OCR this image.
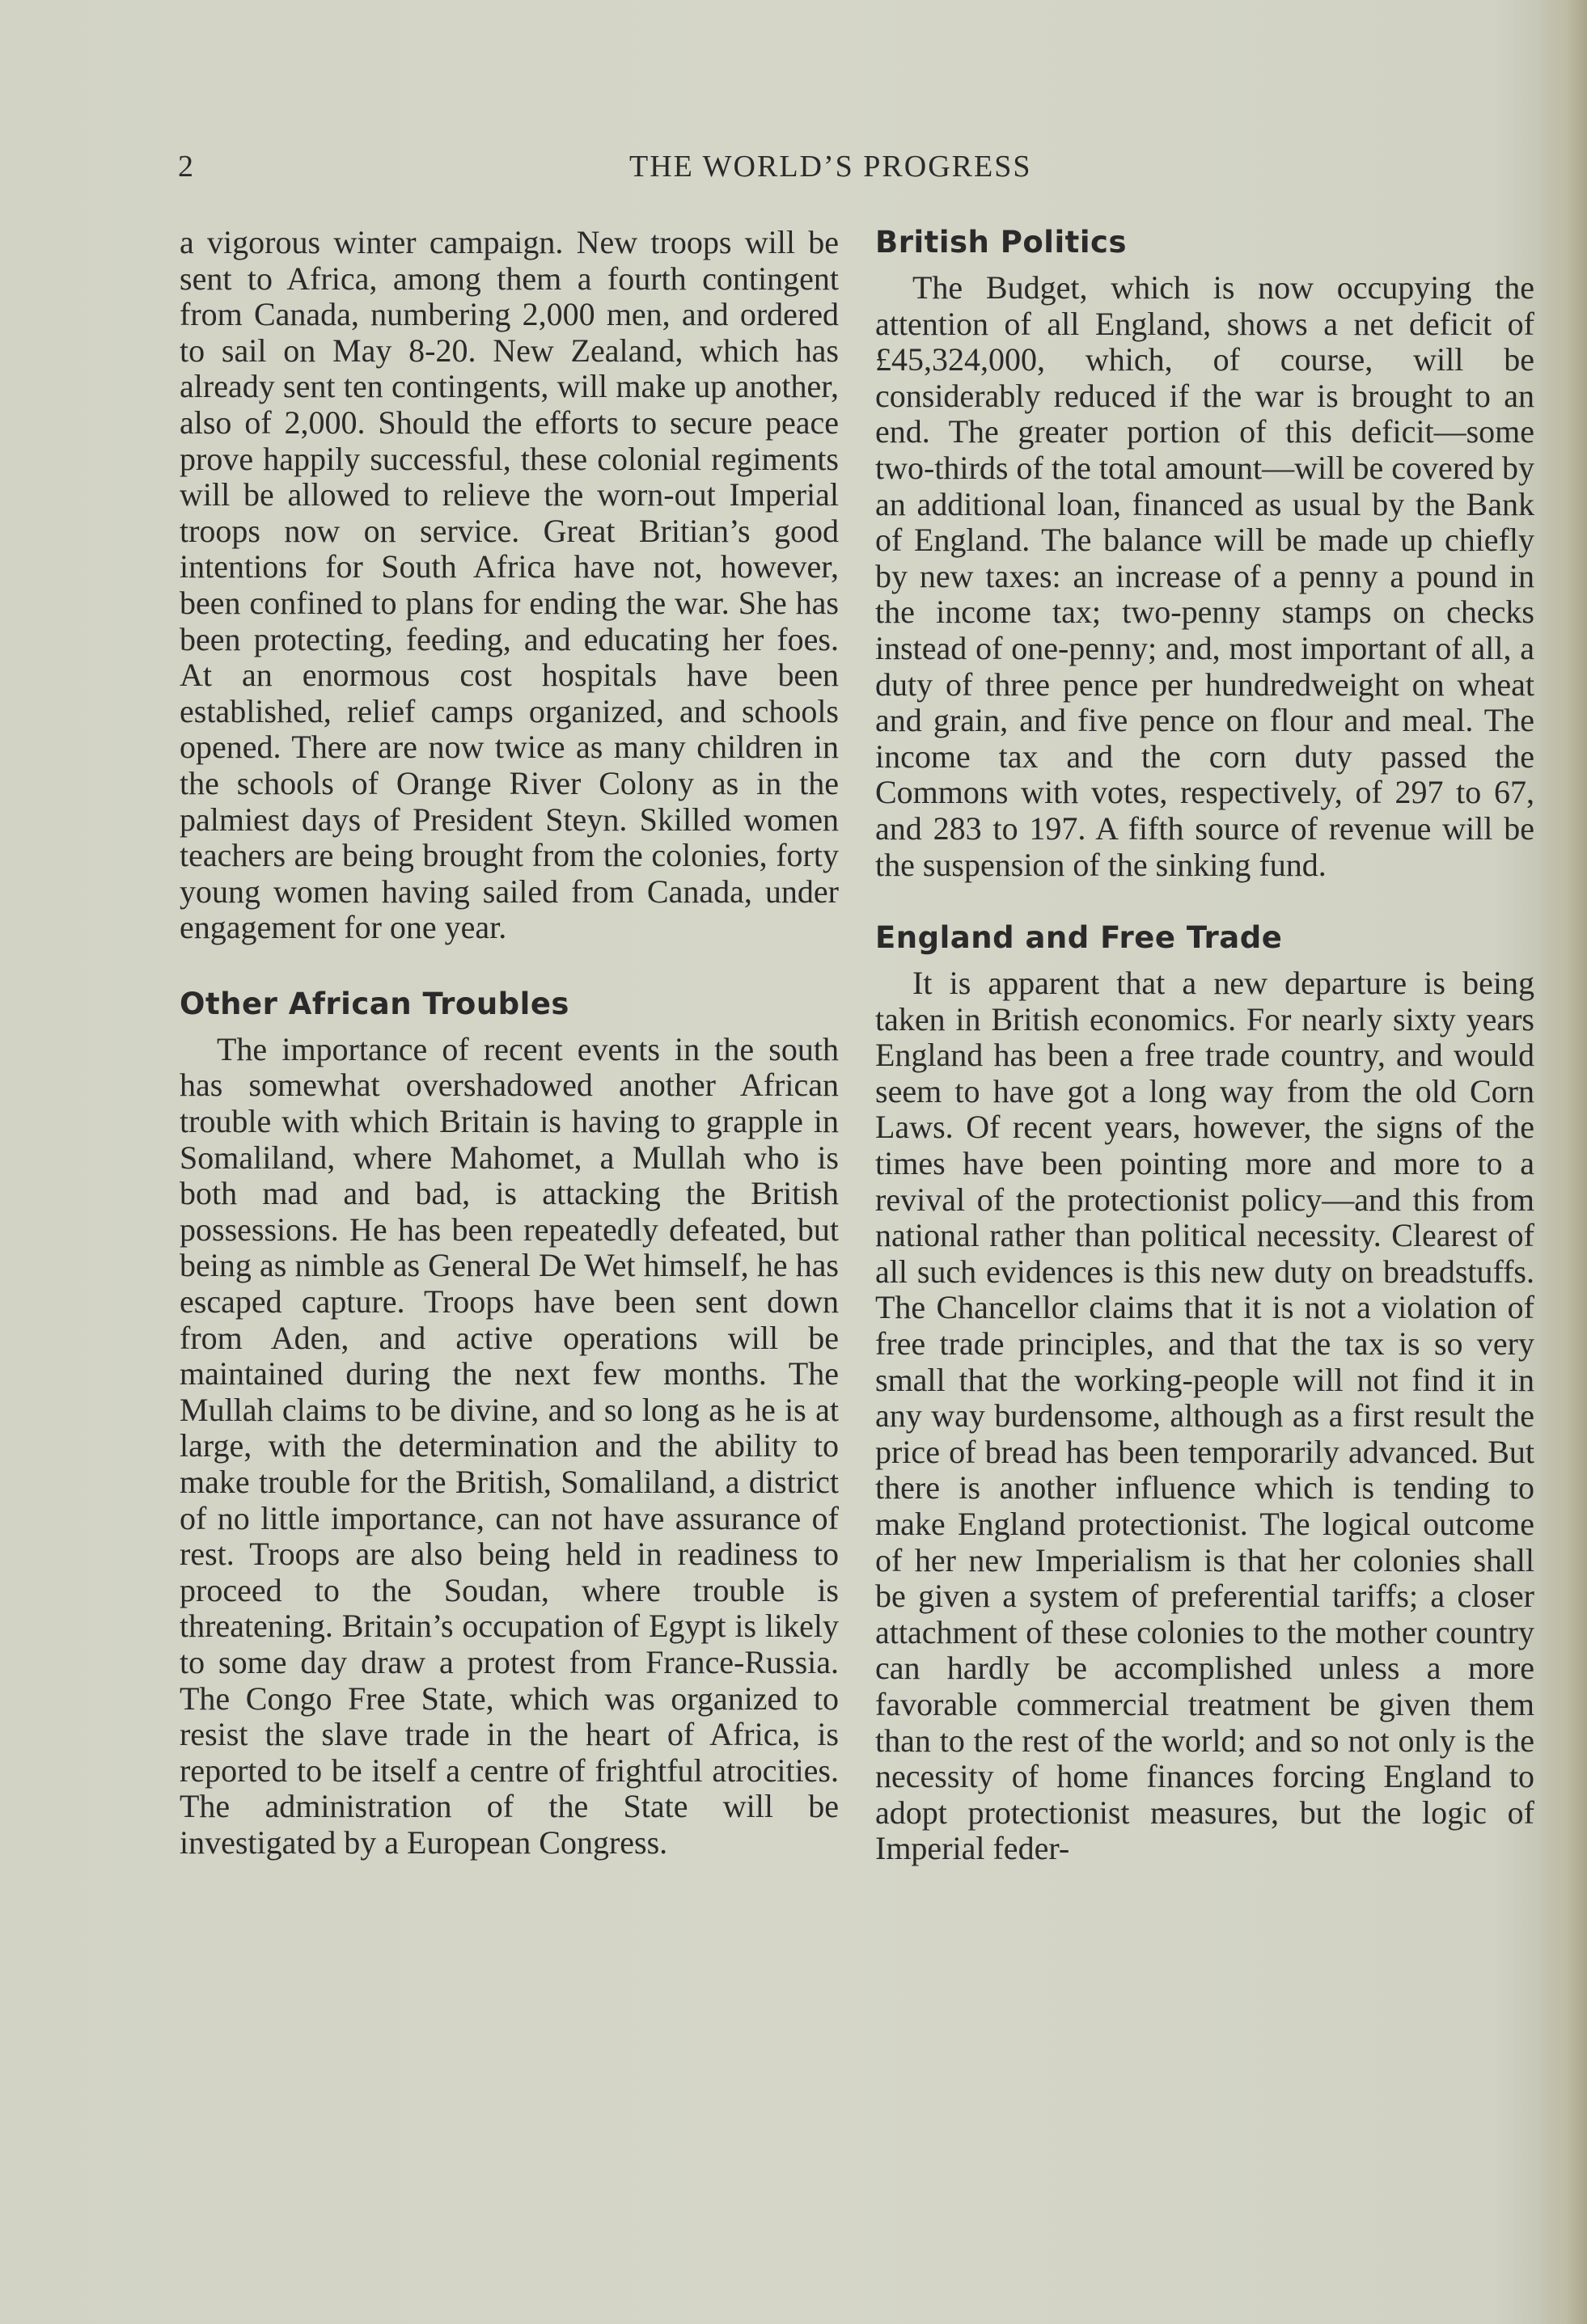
2	THE WORLD’S PROGRESS

a vigorous winter campaign. New troops will be sent to Africa, among them a fourth contingent from Canada, numbering 2,000 men, and ordered to sail on May 8-20. New Zealand, which has already sent ten contingents, will make up another, also of 2,000. Should the efforts to secure peace prove happily successful, these colonial regiments will be allowed to relieve the worn-out Imperial troops now on service. Great Britian’s good intentions for South Africa have not, however, been confined to plans for ending the war. She has been protecting, feeding, and educating her foes. At an enormous cost hospitals have been established, relief camps organized, and schools opened. There are now twice as many children in the schools of Orange River Colony as in the palmiest days of President Steyn. Skilled women teachers are being brought from the colonies, forty young women having sailed from Canada, under engagement for one year.

Other African Troubles

The importance of recent events in the south has somewhat overshadowed another African trouble with which Britain is having to grapple in Somaliland, where Mahomet, a Mullah who is both mad and bad, is attacking the British possessions. He has been repeatedly defeated, but being as nimble as General De Wet himself, he has escaped capture. Troops have been sent down from Aden, and active operations will be maintained during the next few months. The Mullah claims to be divine, and so long as he is at large, with the determination and the ability to make trouble for the British, Somaliland, a district of no little importance, can not have assurance of rest. Troops are also being held in readiness to proceed to the Soudan, where trouble is threatening. Britain’s occupation of Egypt is likely to some day draw a protest from France-Russia. The Congo Free State, which was organized to resist the slave trade in the heart of Africa, is reported to be itself a centre of frightful atrocities. The administration of the State will be investigated by a European Congress.

British Politics

The Budget, which is now occupying the attention of all England, shows a net deficit of £45,324,000, which, of course, will be considerably reduced if the war is brought to an end. The greater portion of this deficit—some two-thirds of the total amount—will be covered by an additional loan, financed as usual by the Bank of England. The balance will be made up chiefly by new taxes: an increase of a penny a pound in the income tax; two-penny stamps on checks instead of one-penny; and, most important of all, a duty of three pence per hundredweight on wheat and grain, and five pence on flour and meal. The income tax and the corn duty passed the Commons with votes, respectively, of 297 to 67, and 283 to 197. A fifth source of revenue will be the suspension of the sinking fund.

England and Free Trade

It is apparent that a new departure is being taken in British economics. For nearly sixty years England has been a free trade country, and would seem to have got a long way from the old Corn Laws. Of recent years, however, the signs of the times have been pointing more and more to a revival of the protectionist policy—and this from national rather than political necessity. Clearest of all such evidences is this new duty on breadstuffs. The Chancellor claims that it is not a violation of free trade principles, and that the tax is so very small that the working-people will not find it in any way burdensome, although as a first result the price of bread has been temporarily advanced. But there is another influence which is tending to make England protectionist. The logical outcome of her new Imperialism is that her colonies shall be given a system of preferential tariffs; a closer attachment of these colonies to the mother country can hardly be accomplished unless a more favorable commercial treatment be given them than to the rest of the world; and so not only is the necessity of home finances forcing England to adopt protectionist measures, but the logic of Imperial feder-
